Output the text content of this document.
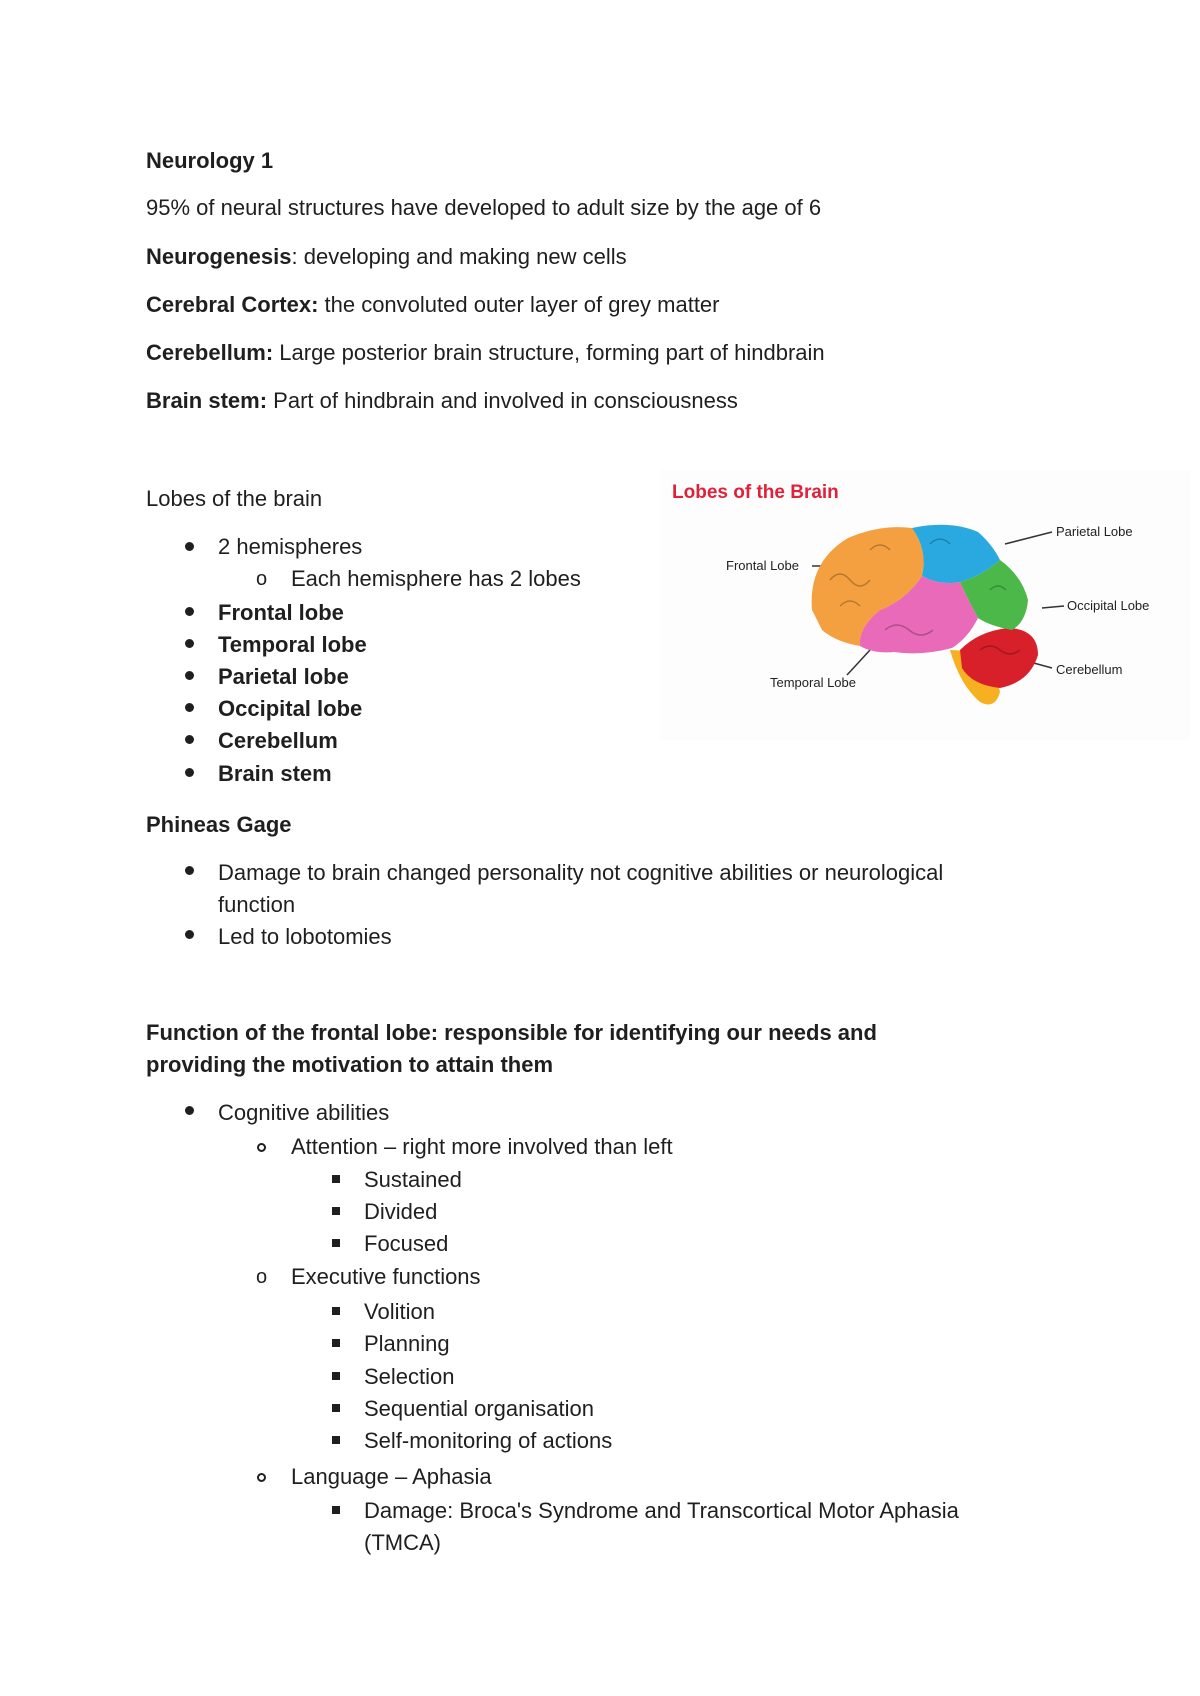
Neurology 1
95% of neural structures have developed to adult size by the age of 6
Neurogenesis: developing and making new cells
Cerebral Cortex: the convoluted outer layer of grey matter
Cerebellum: Large posterior brain structure, forming part of hindbrain
Brain stem: Part of hindbrain and involved in consciousness
Lobes of the brain
2 hemispheres
o Each hemisphere has 2 lobes
Frontal lobe
Temporal lobe
Parietal lobe
Occipital lobe
Cerebellum
Brain stem
Lobes of the Brain
Frontal Lobe
Parietal Lobe
Occipital Lobe
Cerebellum
Temporal Lobe
Phineas Gage
Damage to brain changed personality not cognitive abilities or neurological
function
Led to lobotomies
Function of the frontal lobe: responsible for identifying our needs and
providing the motivation to attain them
Cognitive abilities
Attention – right more involved than left
Sustained
Divided
Focused
o Executive functions
Volition
Planning
Selection
Sequential organisation
Self-monitoring of actions
Language – Aphasia
Damage: Broca's Syndrome and Transcortical Motor Aphasia
(TMCA)
